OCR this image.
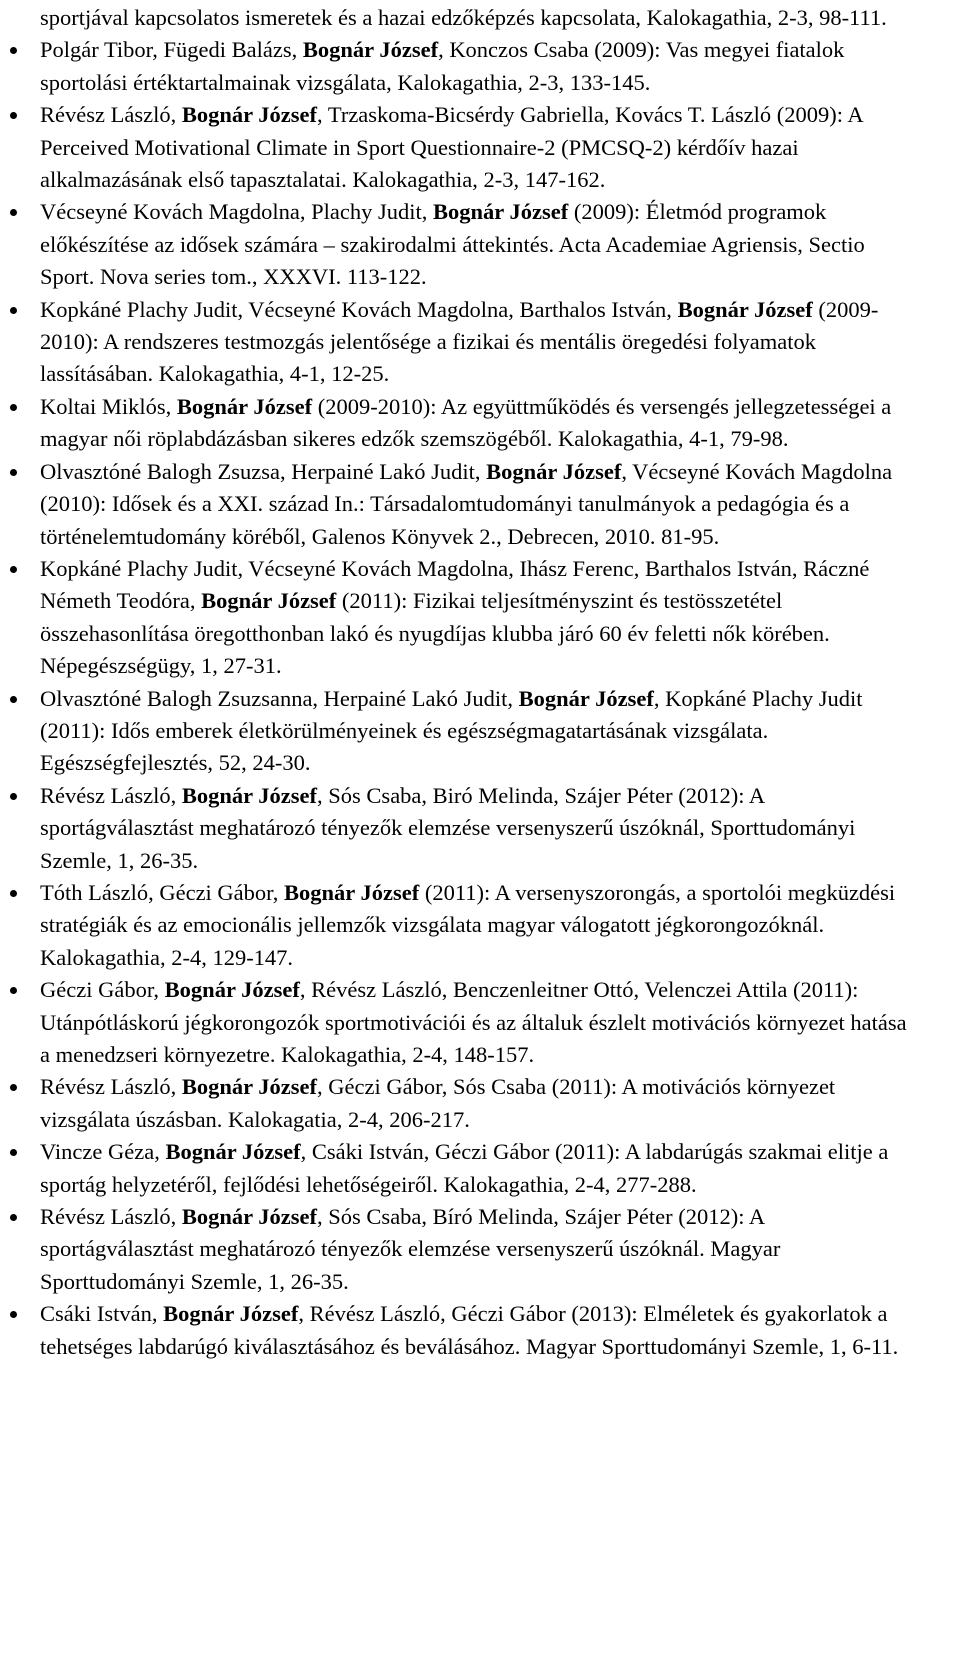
sportjával kapcsolatos ismeretek és a hazai edzőképzés kapcsolata, Kalokagathia, 2-3, 98-111.

Polgár Tibor, Fügedi Balázs, Bognár József, Konczos Csaba (2009): Vas megyei fiatalok sportolási értéktartalmainak vizsgálata, Kalokagathia, 2-3, 133-145.
Révész László, Bognár József, Trzaskoma-Bicsérdy Gabriella, Kovács T. László (2009): A Perceived Motivational Climate in Sport Questionnaire-2 (PMCSQ-2) kérdőív hazai alkalmazásának első tapasztalatai. Kalokagathia, 2-3, 147-162.
Vécseyné Kovách Magdolna, Plachy Judit, Bognár József (2009): Életmód programok előkészítése az idősek számára – szakirodalmi áttekintés. Acta Academiae Agriensis, Sectio Sport. Nova series tom., XXXVI. 113-122.
Kopkáné Plachy Judit, Vécseyné Kovách Magdolna, Barthalos István, Bognár József (2009-2010): A rendszeres testmozgás jelentősége a fizikai és mentális öregedési folyamatok lassításában. Kalokagathia, 4-1, 12-25.
Koltai Miklós, Bognár József (2009-2010): Az együttműködés és versengés jellegzetességei a magyar női röplabdázásban sikeres edzők szemszögéből. Kalokagathia, 4-1, 79-98.
Olvasztóné Balogh Zsuzsa, Herpainé Lakó Judit, Bognár József, Vécseyné Kovách Magdolna (2010): Idősek és a XXI. század In.: Társadalomtudományi tanulmányok a pedagógia és a történelemtudomány köréből, Galenos Könyvek 2., Debrecen, 2010. 81-95.
Kopkáné Plachy Judit, Vécseyné Kovách Magdolna, Ihász Ferenc, Barthalos István, Ráczné Németh Teodóra, Bognár József (2011): Fizikai teljesítményszint és testösszetétel összehasonlítása öregotthonban lakó és nyugdíjas klubba járó 60 év feletti nők körében. Népegészségügy, 1, 27-31.
Olvasztóné Balogh Zsuzsanna, Herpainé Lakó Judit, Bognár József, Kopkáné Plachy Judit (2011): Idős emberek életkörülményeinek és egészségmagatartásának vizsgálata. Egészségfejlesztés, 52, 24-30.
Révész László, Bognár József, Sós Csaba, Biró Melinda, Szájer Péter (2012): A sportágválasztást meghatározó tényezők elemzése versenyszerű úszóknál, Sporttudományi Szemle, 1, 26-35.
Tóth László, Géczi Gábor, Bognár József (2011): A versenyszorongás, a sportolói megküzdési stratégiák és az emocionális jellemzők vizsgálata magyar válogatott jégkorongozóknál. Kalokagathia, 2-4, 129-147.
Géczi Gábor, Bognár József, Révész László, Benczenleitner Ottó, Velenczei Attila (2011): Utánpótláskorú jégkorongozók sportmotivációi és az általuk észlelt motivációs környezet hatása a menedzseri környezetre. Kalokagathia, 2-4, 148-157.
Révész László, Bognár József, Géczi Gábor, Sós Csaba (2011): A motivációs környezet vizsgálata úszásban. Kalokagatia, 2-4, 206-217.
Vincze Géza, Bognár József, Csáki István, Géczi Gábor (2011): A labdarúgás szakmai elitje a sportág helyzetéről, fejlődési lehetőségeiről. Kalokagathia, 2-4, 277-288.
Révész László, Bognár József, Sós Csaba, Bíró Melinda, Szájer Péter (2012): A sportágválasztást meghatározó tényezők elemzése versenyszerű úszóknál. Magyar Sporttudományi Szemle, 1, 26-35.
Csáki István, Bognár József, Révész László, Géczi Gábor (2013): Elméletek és gyakorlatok a tehetséges labdarúgó kiválasztásához és beválásához. Magyar Sporttudományi Szemle, 1, 6-11.
